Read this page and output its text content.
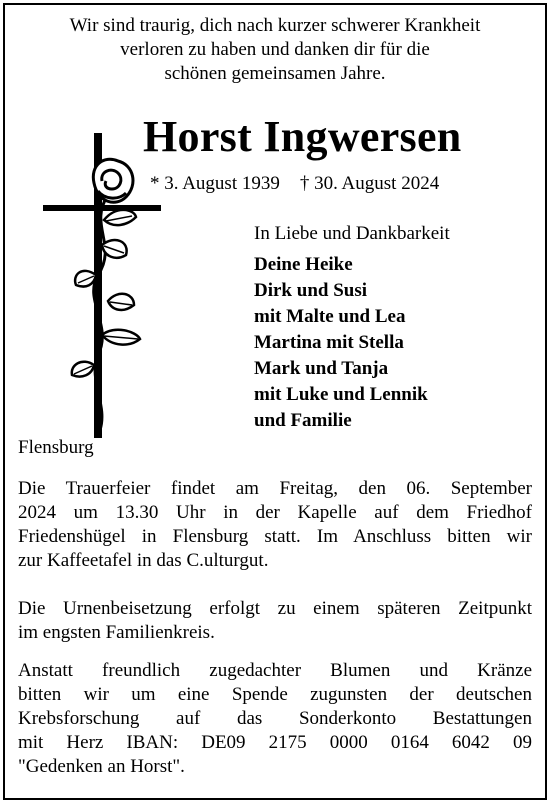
Wir sind traurig, dich nach kurzer schwerer Krankheit
verloren zu haben und danken dir für die
schönen gemeinsamen Jahre.
Horst Ingwersen
* 3. August 1939 † 30. August 2024
In Liebe und Dankbarkeit
Deine Heike
Dirk und Susi
mit Malte und Lea
Martina mit Stella
Mark und Tanja
mit Luke und Lennik
und Familie
Flensburg
Die Trauerfeier findet am Freitag, den 06. September
2024 um 13.30 Uhr in der Kapelle auf dem Friedhof
Friedenshügel in Flensburg statt. Im Anschluss bitten wir
zur Kaffeetafel in das C.ulturgut.
Die Urnenbeisetzung erfolgt zu einem späteren Zeitpunkt
im engsten Familienkreis.
Anstatt freundlich zugedachter Blumen und Kränze
bitten wir um eine Spende zugunsten der deutschen
Krebsforschung auf das Sonderkonto Bestattungen
mit Herz IBAN: DE09 2175 0000 0164 6042 09
"Gedenken an Horst".
